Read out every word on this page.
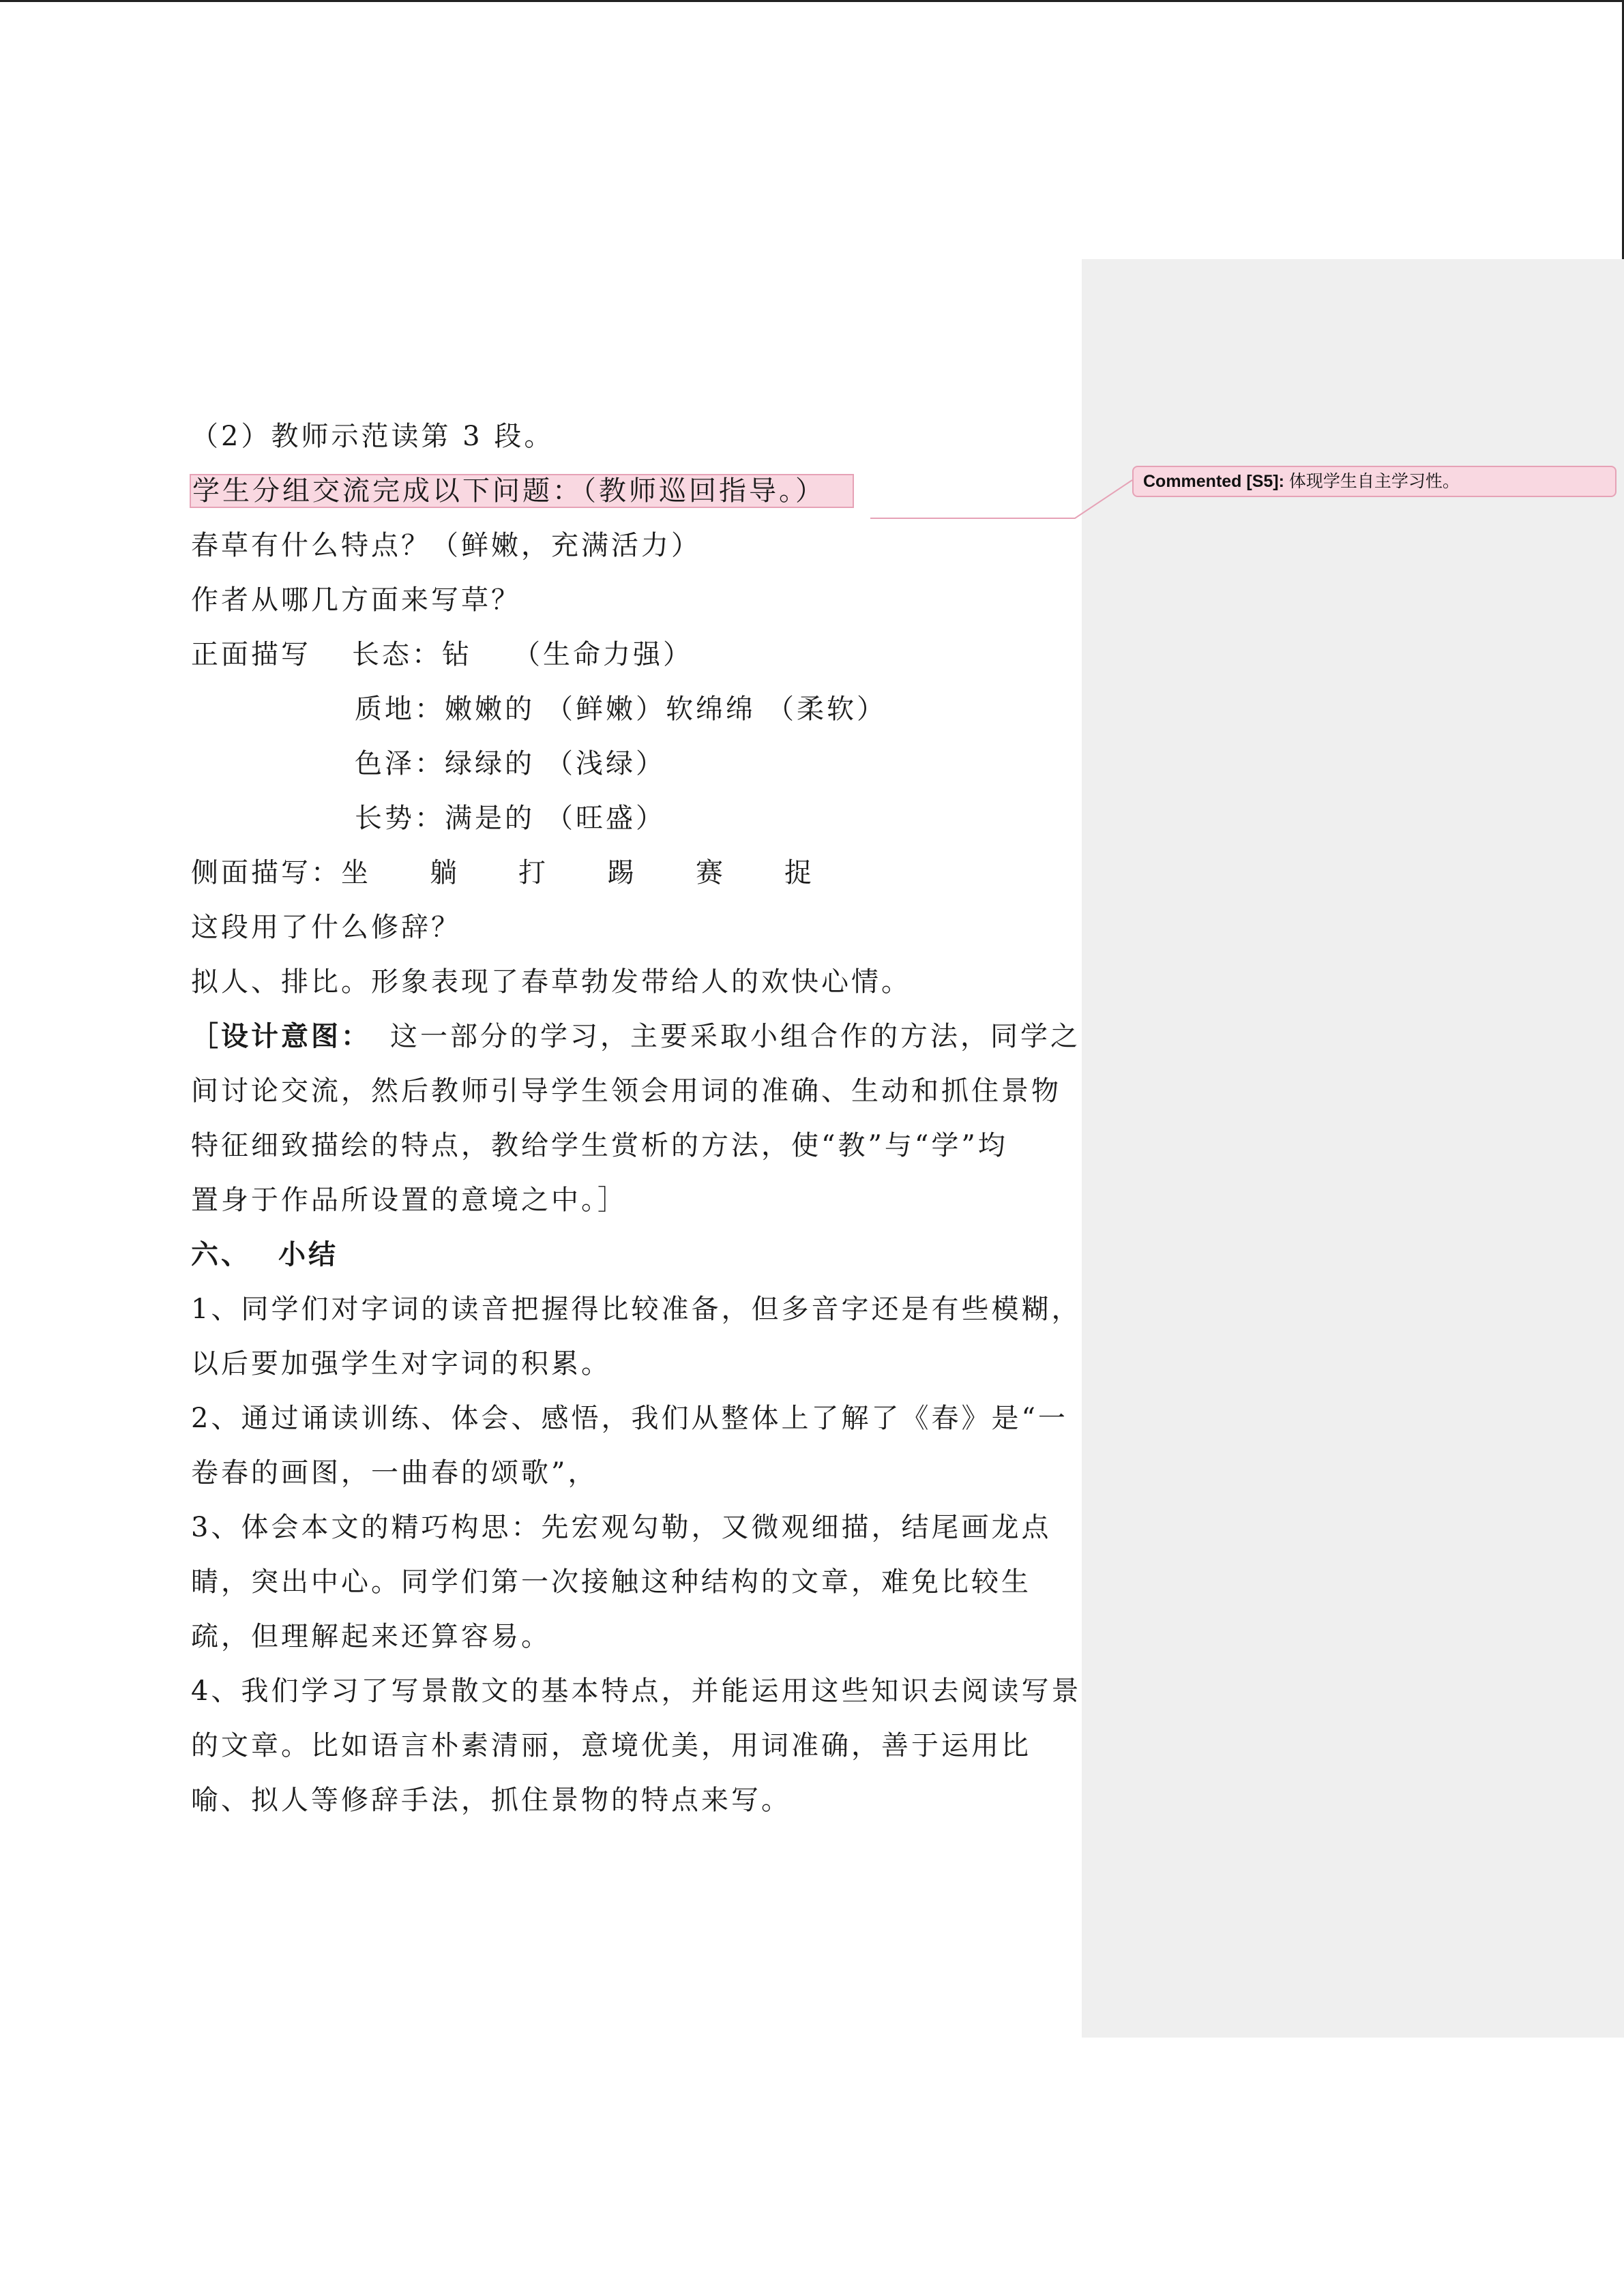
Commented [S5]: 体现学生自主学习性。
（2）教师示范读第 3 段。
学生分组交流完成以下问题：（教师巡回指导。）
春草有什么特点？（鲜嫩，充满活力）
作者从哪几方面来写草？
正面描写 长态：钻 （生命力强）
质地：嫩嫩的 （鲜嫩）软绵绵 （柔软）
色泽：绿绿的 （浅绿）
长势：满是的 （旺盛）
侧面描写：坐 躺 打 踢 赛 捉
这段用了什么修辞？
拟人、排比。形象表现了春草勃发带给人的欢快心情。
［设计意图： 这一部分的学习，主要采取小组合作的方法，同学之
间讨论交流，然后教师引导学生领会用词的准确、生动和抓住景物
特征细致描绘的特点，教给学生赏析的方法，使“教”与“学”均
置身于作品所设置的意境之中。］
六、 小结
1、同学们对字词的读音把握得比较准备，但多音字还是有些模糊，
以后要加强学生对字词的积累。
2、通过诵读训练、体会、感悟，我们从整体上了解了《春》是“一
卷春的画图，一曲春的颂歌”，
3、体会本文的精巧构思：先宏观勾勒，又微观细描，结尾画龙点
睛，突出中心。同学们第一次接触这种结构的文章，难免比较生
疏，但理解起来还算容易。
4、我们学习了写景散文的基本特点，并能运用这些知识去阅读写景
的文章。比如语言朴素清丽，意境优美，用词准确，善于运用比
喻、拟人等修辞手法，抓住景物的特点来写。
